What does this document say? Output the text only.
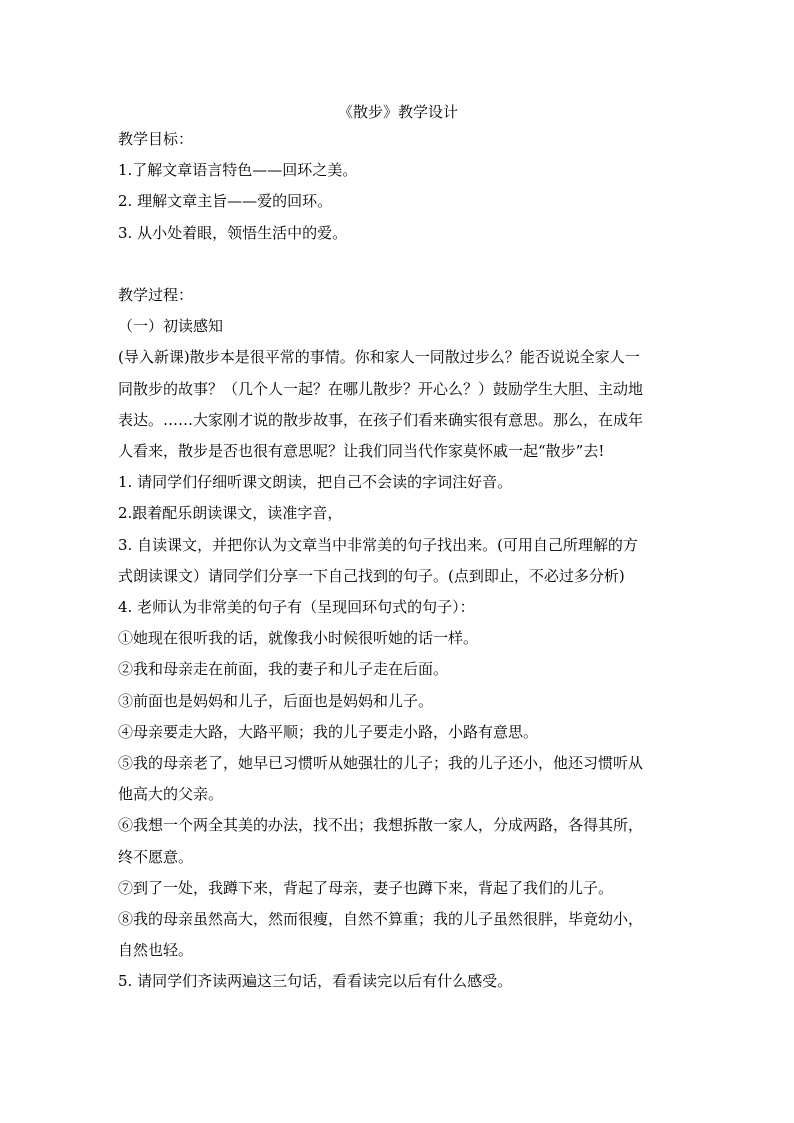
《散步》教学设计

教学目标：

1.了解文章语言特色——回环之美。

2. 理解文章主旨——爱的回环。

3. 从小处着眼，领悟生活中的爱。

教学过程：

（一）初读感知

(导入新课)散步本是很平常的事情。你和家人一同散过步么？能否说说全家人一

同散步的故事？（几个人一起？在哪儿散步？开心么？）鼓励学生大胆、主动地

表达。……大家刚才说的散步故事，在孩子们看来确实很有意思。那么，在成年

人看来，散步是否也很有意思呢？让我们同当代作家莫怀戚一起“散步”去!

1. 请同学们仔细听课文朗读，把自己不会读的字词注好音。

2.跟着配乐朗读课文，读准字音，

3. 自读课文，并把你认为文章当中非常美的句子找出来。(可用自己所理解的方

式朗读课文）请同学们分享一下自己找到的句子。(点到即止，不必过多分析)

4. 老师认为非常美的句子有（呈现回环句式的句子）：

①她现在很听我的话，就像我小时候很听她的话一样。

②我和母亲走在前面，我的妻子和儿子走在后面。

③前面也是妈妈和儿子，后面也是妈妈和儿子。

④母亲要走大路，大路平顺；我的儿子要走小路，小路有意思。

⑤我的母亲老了，她早已习惯听从她强壮的儿子；我的儿子还小，他还习惯听从

他高大的父亲。

⑥我想一个两全其美的办法，找不出；我想拆散一家人，分成两路，各得其所，

终不愿意。

⑦到了一处，我蹲下来，背起了母亲，妻子也蹲下来，背起了我们的儿子。

⑧我的母亲虽然高大，然而很瘦，自然不算重；我的儿子虽然很胖，毕竟幼小，

自然也轻。

5. 请同学们齐读两遍这三句话，看看读完以后有什么感受。
